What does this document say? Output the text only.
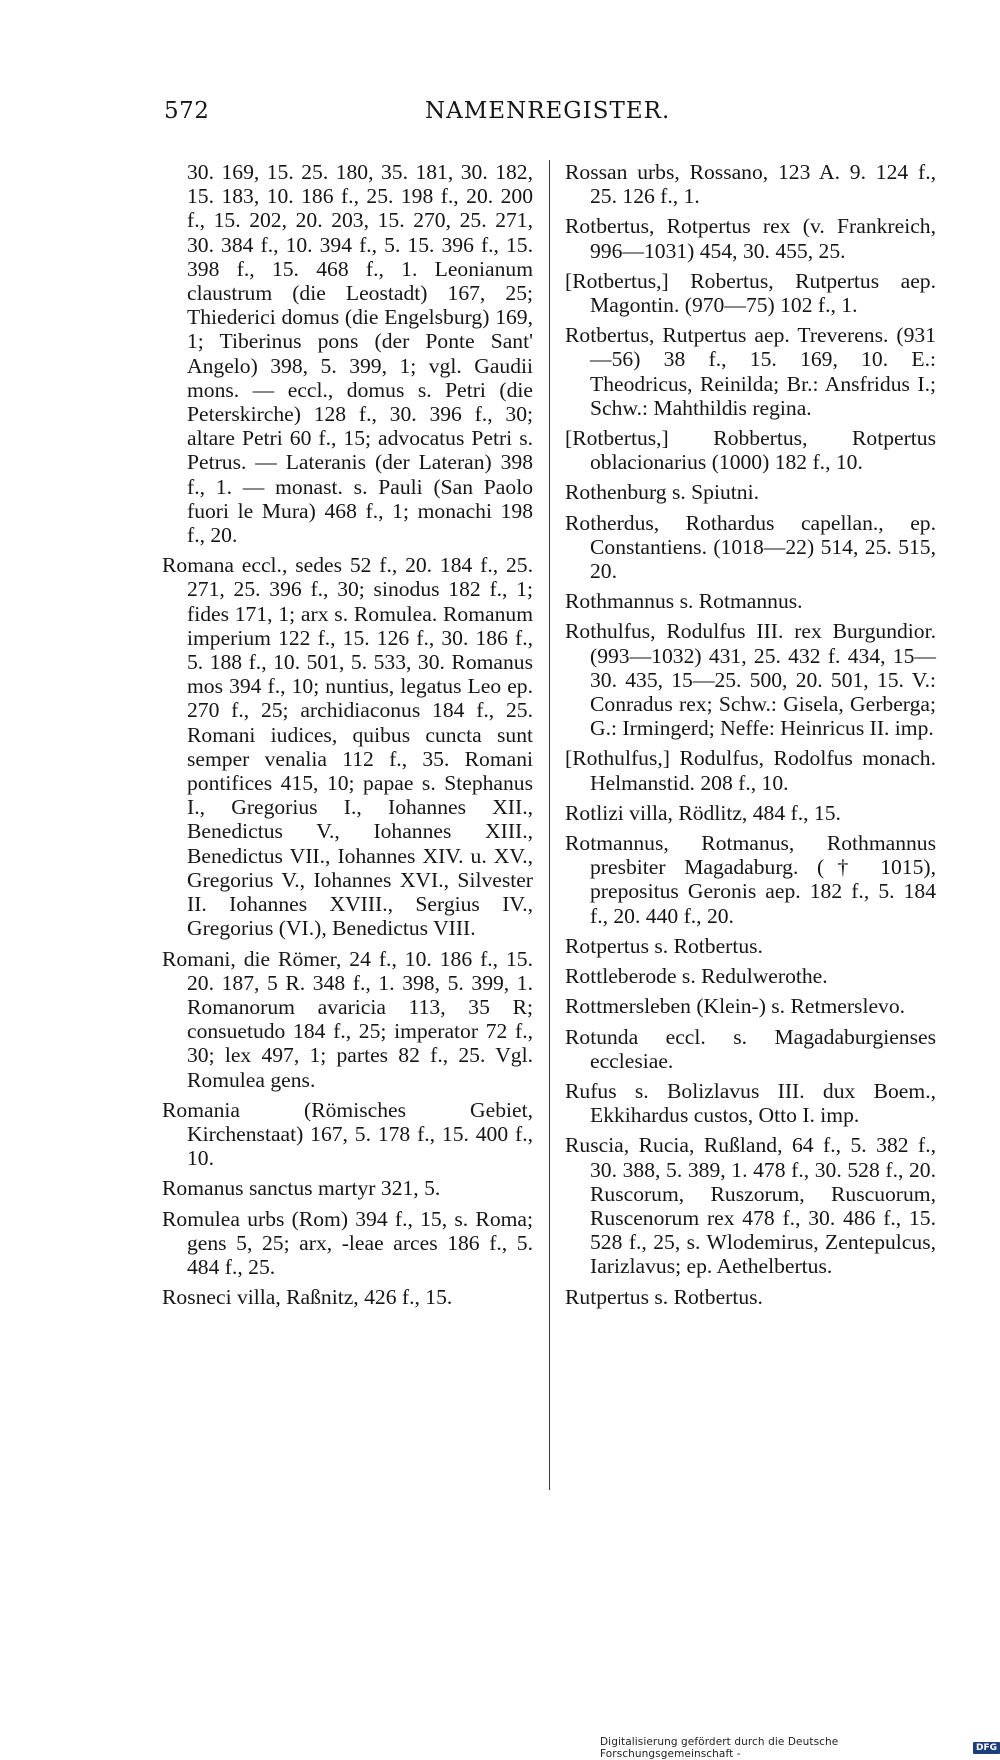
572	NAMENREGISTER.

30. 169, 15. 25. 180, 35. 181, 30. 182, 15. 183, 10. 186 f., 25. 198 f., 20. 200 f., 15. 202, 20. 203, 15. 270, 25. 271, 30. 384 f., 10. 394 f., 5. 15. 396 f., 15. 398 f., 15. 468 f., 1. Leonianum claustrum (die Leostadt) 167, 25; Thiederici domus (die Engelsburg) 169, 1; Tiberinus pons (der Ponte Sant' Angelo) 398, 5. 399, 1; vgl. Gaudii mons. — eccl., domus s. Petri (die Peterskirche) 128 f., 30. 396 f., 30; altare Petri 60 f., 15; advocatus Petri s. Petrus. — Lateranis (der Lateran) 398 f., 1. — monast. s. Pauli (San Paolo fuori le Mura) 468 f., 1; monachi 198 f., 20.

Romana eccl., sedes 52 f., 20. 184 f., 25. 271, 25. 396 f., 30; sinodus 182 f., 1; fides 171, 1; arx s. Romulea. Romanum imperium 122 f., 15. 126 f., 30. 186 f., 5. 188 f., 10. 501, 5. 533, 30. Romanus mos 394 f., 10; nuntius, legatus Leo ep. 270 f., 25; archidiaconus 184 f., 25. Romani iudices, quibus cuncta sunt semper venalia 112 f., 35. Romani pontifices 415, 10; papae s. Stephanus I., Gregorius I., Iohannes XII., Benedictus V., Iohannes XIII., Benedictus VII., Iohannes XIV. u. XV., Gregorius V., Iohannes XVI., Silvester II. Iohannes XVIII., Sergius IV., Gregorius (VI.), Benedictus VIII.

Romani, die Römer, 24 f., 10. 186 f., 15. 20. 187, 5 R. 348 f., 1. 398, 5. 399, 1. Romanorum avaricia 113, 35 R; consuetudo 184 f., 25; imperator 72 f., 30; lex 497, 1; partes 82 f., 25. Vgl. Romulea gens.

Romania (Römisches Gebiet, Kirchenstaat) 167, 5. 178 f., 15. 400 f., 10.

Romanus sanctus martyr 321, 5.

Romulea urbs (Rom) 394 f., 15, s. Roma; gens 5, 25; arx, -leae arces 186 f., 5. 484 f., 25.

Rosneci villa, Raßnitz, 426 f., 15.

Rossan urbs, Rossano, 123 A. 9. 124 f., 25. 126 f., 1.

Rotbertus, Rotpertus rex (v. Frankreich, 996—1031) 454, 30. 455, 25.

[Rotbertus,] Robertus, Rutpertus aep. Magontin. (970—75) 102 f., 1.

Rotbertus, Rutpertus aep. Treverens. (931—56) 38 f., 15. 169, 10. E.: Theodricus, Reinilda; Br.: Ansfridus I.; Schw.: Mahthildis regina.

[Rotbertus,] Robbertus, Rotpertus oblacionarius (1000) 182 f., 10.

Rothenburg s. Spiutni.

Rotherdus, Rothardus capellan., ep. Constantiens. (1018—22) 514, 25. 515, 20.

Rothmannus s. Rotmannus.

Rothulfus, Rodulfus III. rex Burgundior. (993—1032) 431, 25. 432 f. 434, 15—30. 435, 15—25. 500, 20. 501, 15. V.: Conradus rex; Schw.: Gisela, Gerberga; G.: Irmingerd; Neffe: Heinricus II. imp.

[Rothulfus,] Rodulfus, Rodolfus monach. Helmanstid. 208 f., 10.

Rotlizi villa, Rödlitz, 484 f., 15.

Rotmannus, Rotmanus, Rothmannus presbiter Magadaburg. († 1015), prepositus Geronis aep. 182 f., 5. 184 f., 20. 440 f., 20.

Rotpertus s. Rotbertus.

Rottleberode s. Redulwerothe.

Rottmersleben (Klein-) s. Retmerslevo.

Rotunda eccl. s. Magadaburgienses ecclesiae.

Rufus s. Bolizlavus III. dux Boem., Ekkihardus custos, Otto I. imp.

Ruscia, Rucia, Rußland, 64 f., 5. 382 f., 30. 388, 5. 389, 1. 478 f., 30. 528 f., 20. Ruscorum, Ruszorum, Ruscuorum, Ruscenorum rex 478 f., 30. 486 f., 15. 528 f., 25, s. Wlodemirus, Zentepulcus, Iarizlavus; ep. Aethelbertus.

Rutpertus s. Rotbertus.

Digitalisierung gefördert durch die Deutsche Forschungsgemeinschaft -	DFG
